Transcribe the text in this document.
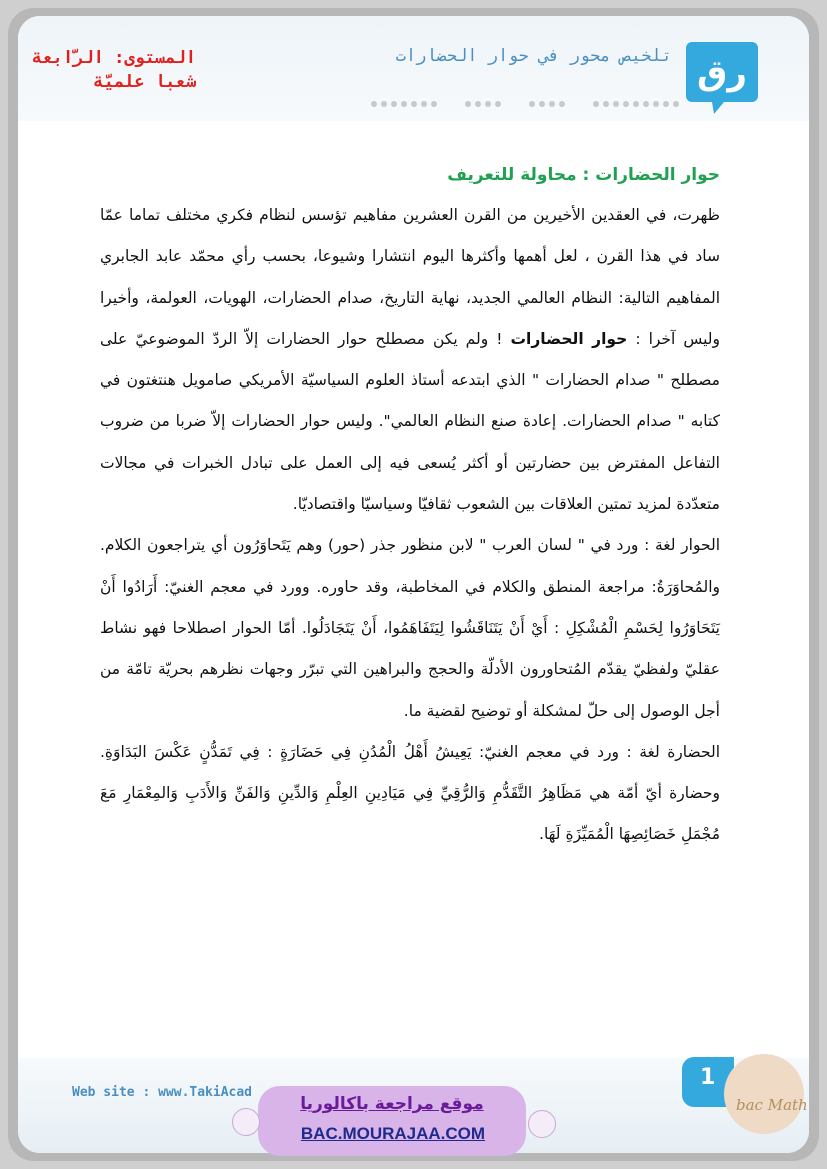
رق
تلخيص محور في حوار الحضارات
المستوى: الرّابعة شعبا علميّة
حوار الحضارات : محاولة للتعريف

ظهرت، في العقدين الأخيرين من القرن العشرين مفاهيم تؤسس لنظام فكري مختلف تماما عمّا ساد في هذا القرن ، لعل أهمها وأكثرها اليوم انتشارا وشيوعا، بحسب رأي محمّد عابد الجابري المفاهيم التالية: النظام العالمي الجديد، نهاية التاريخ، صدام الحضارات، الهويات، العولمة، وأخيرا وليس آخرا : حوار الحضارات ! ولم يكن مصطلح حوار الحضارات إلاّ الردّ الموضوعيّ على مصطلح " صدام الحضارات " الذي ابتدعه أستاذ العلوم السياسيّة الأمريكي صامويل هنتغتون في كتابه " صدام الحضارات. إعادة صنع النظام العالمي". وليس حوار الحضارات إلاّ ضربا من ضروب التفاعل المفترض بين حضارتين أو أكثر يُسعى فيه إلى العمل على تبادل الخبرات في مجالات متعدّدة لمزيد تمتين العلاقات بين الشعوب ثقافيّا وسياسيّا واقتصاديّا.

الحوار لغة : ورد في " لسان العرب " لابن منظور جذر (حور) وهم يَتَحاوَرُون أي يتراجعون الكلام. والمُحاوَرَةُ: مراجعة المنطق والكلام في المخاطبة، وقد حاوره. وورد في معجم الغنيّ: أَرَادُوا أَنْ يَتَحَاوَرُوا لِحَسْمِ الْمُشْكِلِ : أَيْ أَنْ يَتَنَاقَشُوا لِيَتَفَاهَمُوا، أَنْ يَتَجَادَلُوا. أمّا الحوار اصطلاحا فهو نشاط عقليّ ولفظيّ يقدّم المُتحاورون الأدلّة والحجج والبراهين التي تبرّر وجهات نظرهم بحريّة تامّة من أجل الوصول إلى حلّ لمشكلة أو توضيح لقضية ما.

الحضارة لغة : ورد في معجم الغنيّ: يَعِيشُ أَهْلُ الْمُدُنِ فِي حَضَارَةٍ : فِي تَمَدُّنٍ عَكْسَ البَدَاوَةِ. وحضارة أيّ أمّة هي مَظَاهِرُ التَّقَدُّمِ وَالرُّقِيِّ فِي مَيَادِينِ العِلْمِ وَالدِّينِ وَالفَنِّ وَالأَدَبِ وَالمِعْمَارِ مَعَ مُجْمَلِ خَصَائِصِهَا الْمُمَيِّزَةِ لَهَا.

Web site : www.TakiAcad
1
bac Math
موقع مراجعة باكالوريا
BAC.MOURAJAA.COM
